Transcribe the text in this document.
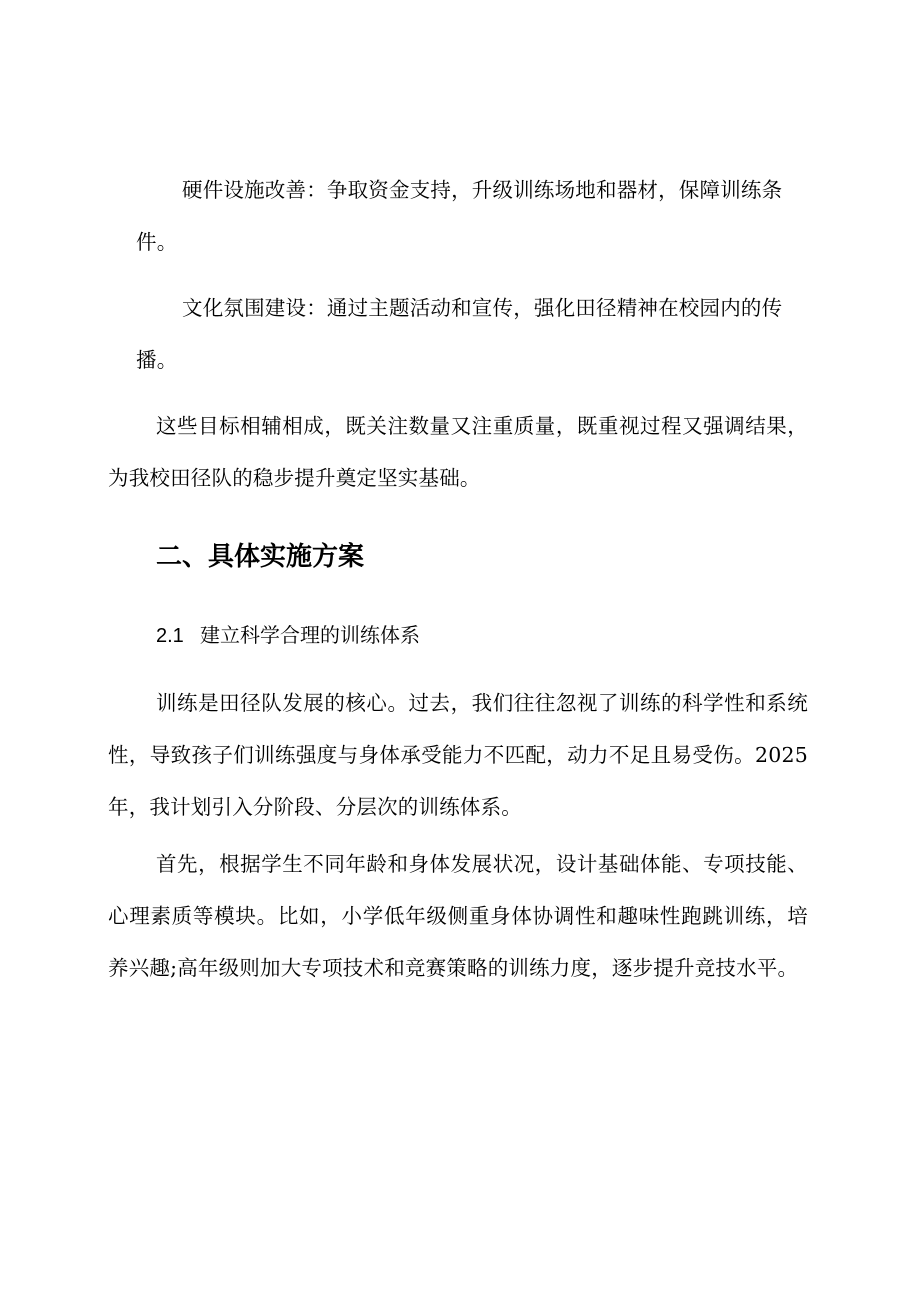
硬件设施改善：争取资金支持，升级训练场地和器材，保障训练条
件。

文化氛围建设：通过主题活动和宣传，强化田径精神在校园内的传
播。

这些目标相辅相成，既关注数量又注重质量，既重视过程又强调结果，为我校田径队的稳步提升奠定坚实基础。

二、具体实施方案

2.1 建立科学合理的训练体系

训练是田径队发展的核心。过去，我们往往忽视了训练的科学性和系统性，导致孩子们训练强度与身体承受能力不匹配，动力不足且易受伤。2025年，我计划引入分阶段、分层次的训练体系。

首先，根据学生不同年龄和身体发展状况，设计基础体能、专项技能、心理素质等模块。比如，小学低年级侧重身体协调性和趣味性跑跳训练，培养兴趣;高年级则加大专项技术和竞赛策略的训练力度，逐步提升竞技水平。
